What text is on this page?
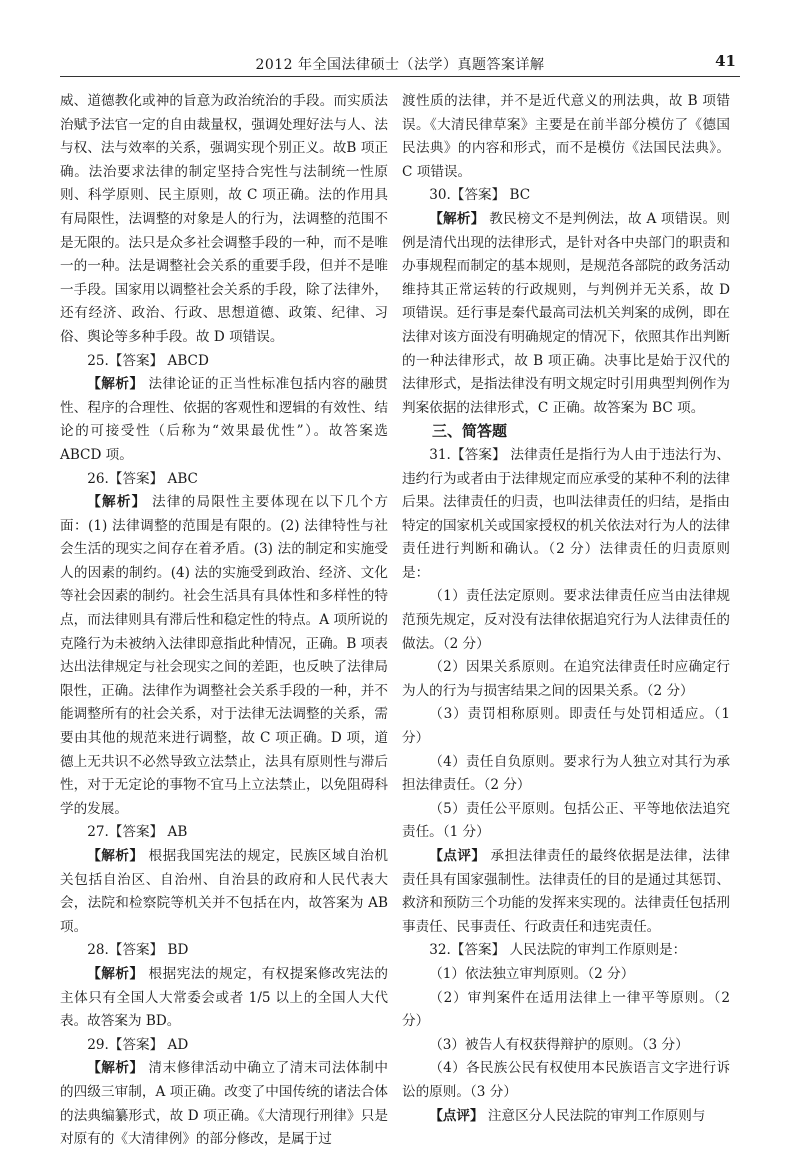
2012 年全国法律硕士（法学）真题答案详解	41

威、道德教化或神的旨意为政治统治的手段。而实质法治赋予法官一定的自由裁量权，强调处理好法与人、法与权、法与效率的关系，强调实现个别正义。故B 项正确。法治要求法律的制定坚持合宪性与法制统一性原则、科学原则、民主原则，故 C 项正确。法的作用具有局限性，法调整的对象是人的行为，法调整的范围不是无限的。法只是众多社会调整手段的一种，而不是唯一的一种。法是调整社会关系的重要手段，但并不是唯一手段。国家用以调整社会关系的手段，除了法律外，还有经济、政治、行政、思想道德、政策、纪律、习俗、舆论等多种手段。故 D 项错误。

25.【答案】 ABCD

【解析】 法律论证的正当性标准包括内容的融贯性、程序的合理性、依据的客观性和逻辑的有效性、结论的可接受性（后称为“效果最优性”）。故答案选 ABCD 项。

26.【答案】 ABC

【解析】 法律的局限性主要体现在以下几个方面：(1) 法律调整的范围是有限的。(2) 法律特性与社会生活的现实之间存在着矛盾。(3) 法的制定和实施受人的因素的制约。(4) 法的实施受到政治、经济、文化等社会因素的制约。社会生活具有具体性和多样性的特点，而法律则具有滞后性和稳定性的特点。A 项所说的克隆行为未被纳入法律即意指此种情况，正确。B 项表达出法律规定与社会现实之间的差距，也反映了法律局限性，正确。法律作为调整社会关系手段的一种，并不能调整所有的社会关系，对于法律无法调整的关系，需要由其他的规范来进行调整，故 C 项正确。D 项，道德上无共识不必然导致立法禁止，法具有原则性与滞后性，对于无定论的事物不宜马上立法禁止，以免阻碍科学的发展。

27.【答案】 AB

【解析】 根据我国宪法的规定，民族区域自治机关包括自治区、自治州、自治县的政府和人民代表大会，法院和检察院等机关并不包括在内，故答案为 AB 项。

28.【答案】 BD

【解析】 根据宪法的规定，有权提案修改宪法的主体只有全国人大常委会或者 1/5 以上的全国人大代表。故答案为 BD。

29.【答案】 AD

【解析】 清末修律活动中确立了清末司法体制中的四级三审制，A 项正确。改变了中国传统的诸法合体的法典编纂形式，故 D 项正确。《大清现行刑律》只是对原有的《大清律例》的部分修改，是属于过

渡性质的法律，并不是近代意义的刑法典，故 B 项错误。《大清民律草案》主要是在前半部分模仿了《德国民法典》的内容和形式，而不是模仿《法国民法典》。C 项错误。

30.【答案】 BC

【解析】 教民榜文不是判例法，故 A 项错误。则例是清代出现的法律形式，是针对各中央部门的职责和办事规程而制定的基本规则，是规范各部院的政务活动维持其正常运转的行政规则，与判例并无关系，故 D 项错误。廷行事是秦代最高司法机关判案的成例，即在法律对该方面没有明确规定的情况下，依照其作出判断的一种法律形式，故 B 项正确。决事比是始于汉代的法律形式，是指法律没有明文规定时引用典型判例作为判案依据的法律形式，C 正确。故答案为 BC 项。

三、简答题

31.【答案】 法律责任是指行为人由于违法行为、违约行为或者由于法律规定而应承受的某种不利的法律后果。法律责任的归责，也叫法律责任的归结，是指由特定的国家机关或国家授权的机关依法对行为人的法律责任进行判断和确认。（2 分）法律责任的归责原则是：

（1）责任法定原则。要求法律责任应当由法律规范预先规定，反对没有法律依据追究行为人法律责任的做法。（2 分）

（2）因果关系原则。在追究法律责任时应确定行为人的行为与损害结果之间的因果关系。（2 分）

（3）责罚相称原则。即责任与处罚相适应。（1 分）

（4）责任自负原则。要求行为人独立对其行为承担法律责任。（2 分）

（5）责任公平原则。包括公正、平等地依法追究责任。（1 分）

【点评】 承担法律责任的最终依据是法律，法律责任具有国家强制性。法律责任的目的是通过其惩罚、救济和预防三个功能的发挥来实现的。法律责任包括刑事责任、民事责任、行政责任和违宪责任。

32.【答案】 人民法院的审判工作原则是：

（1）依法独立审判原则。（2 分）

（2）审判案件在适用法律上一律平等原则。（2 分）

（3）被告人有权获得辩护的原则。（3 分）

（4）各民族公民有权使用本民族语言文字进行诉讼的原则。（3 分）

【点评】 注意区分人民法院的审判工作原则与
